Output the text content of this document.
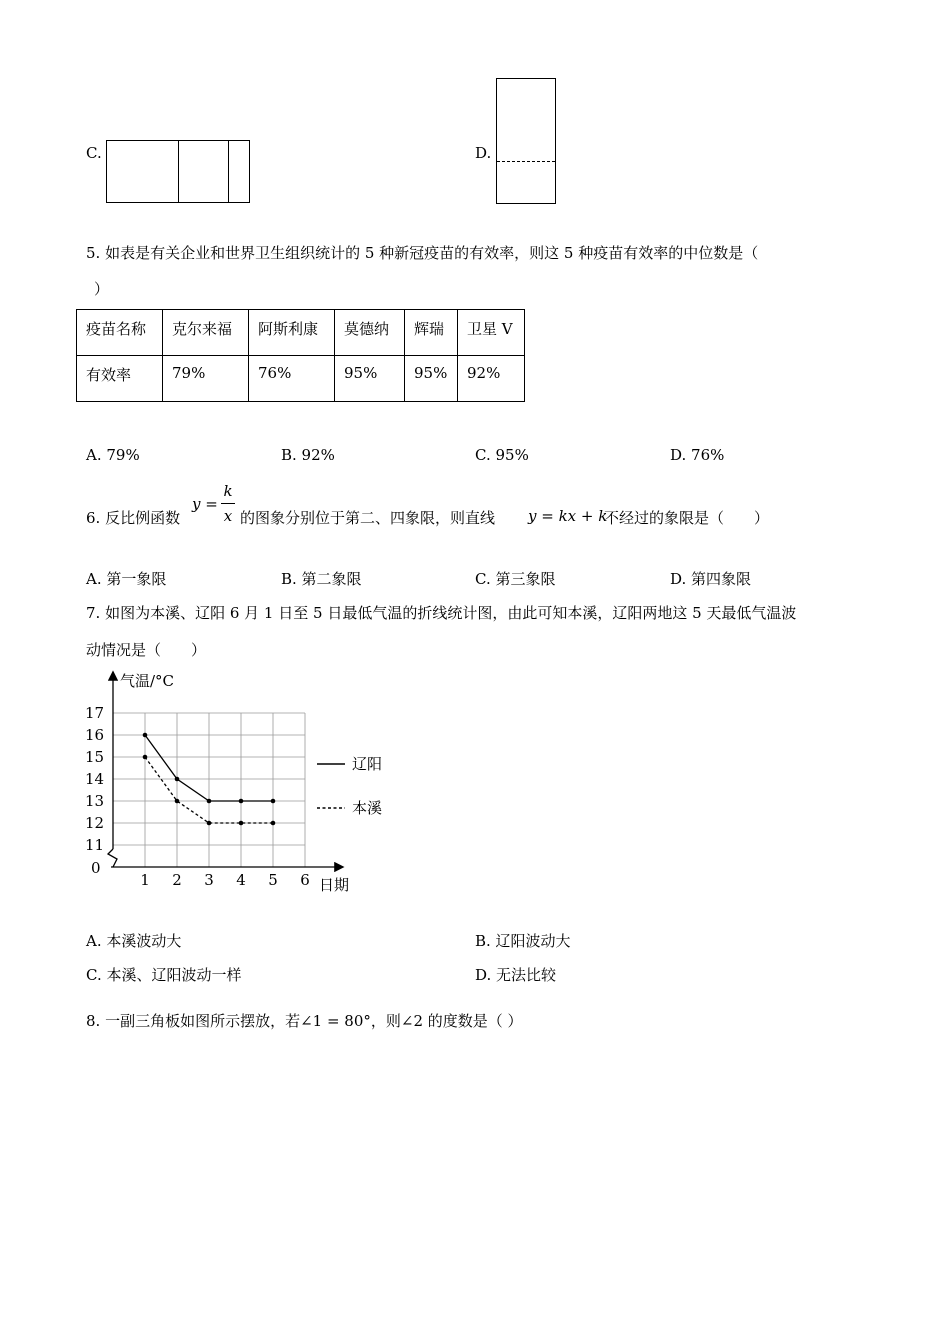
C.	D.
5. 如表是有关企业和世界卫生组织统计的 5 种新冠疫苗的有效率，则这 5 种疫苗有效率的中位数是（
）
疫苗名称	克尔来福	阿斯利康	莫德纳	辉瑞	卫星 V
有效率	79%	76%	95%	95%	92%
A. 79%	B. 92%	C. 95%	D. 76%
6. 反比例函数
y =
k
x 的图象分别位于第二、四象限，则直线 y = kx + k
不经过的象限是（　　）
A. 第一象限	B. 第二象限	C. 第三象限	D. 第四象限
7. 如图为本溪、辽阳 6 月 1 日至 5 日最低气温的折线统计图，由此可知本溪，辽阳两地这 5 天最低气温波
动情况是（　　）
11
12
13
14
15
16
17
1 2 3 4 5 6
辽阳
本溪
气温/°C
日期
0
A. 本溪波动大	B. 辽阳波动大
C. 本溪、辽阳波动一样	D. 无法比较
8. 一副三角板如图所示摆放，若∠1 = 80°，则∠2 的度数是（ ）
